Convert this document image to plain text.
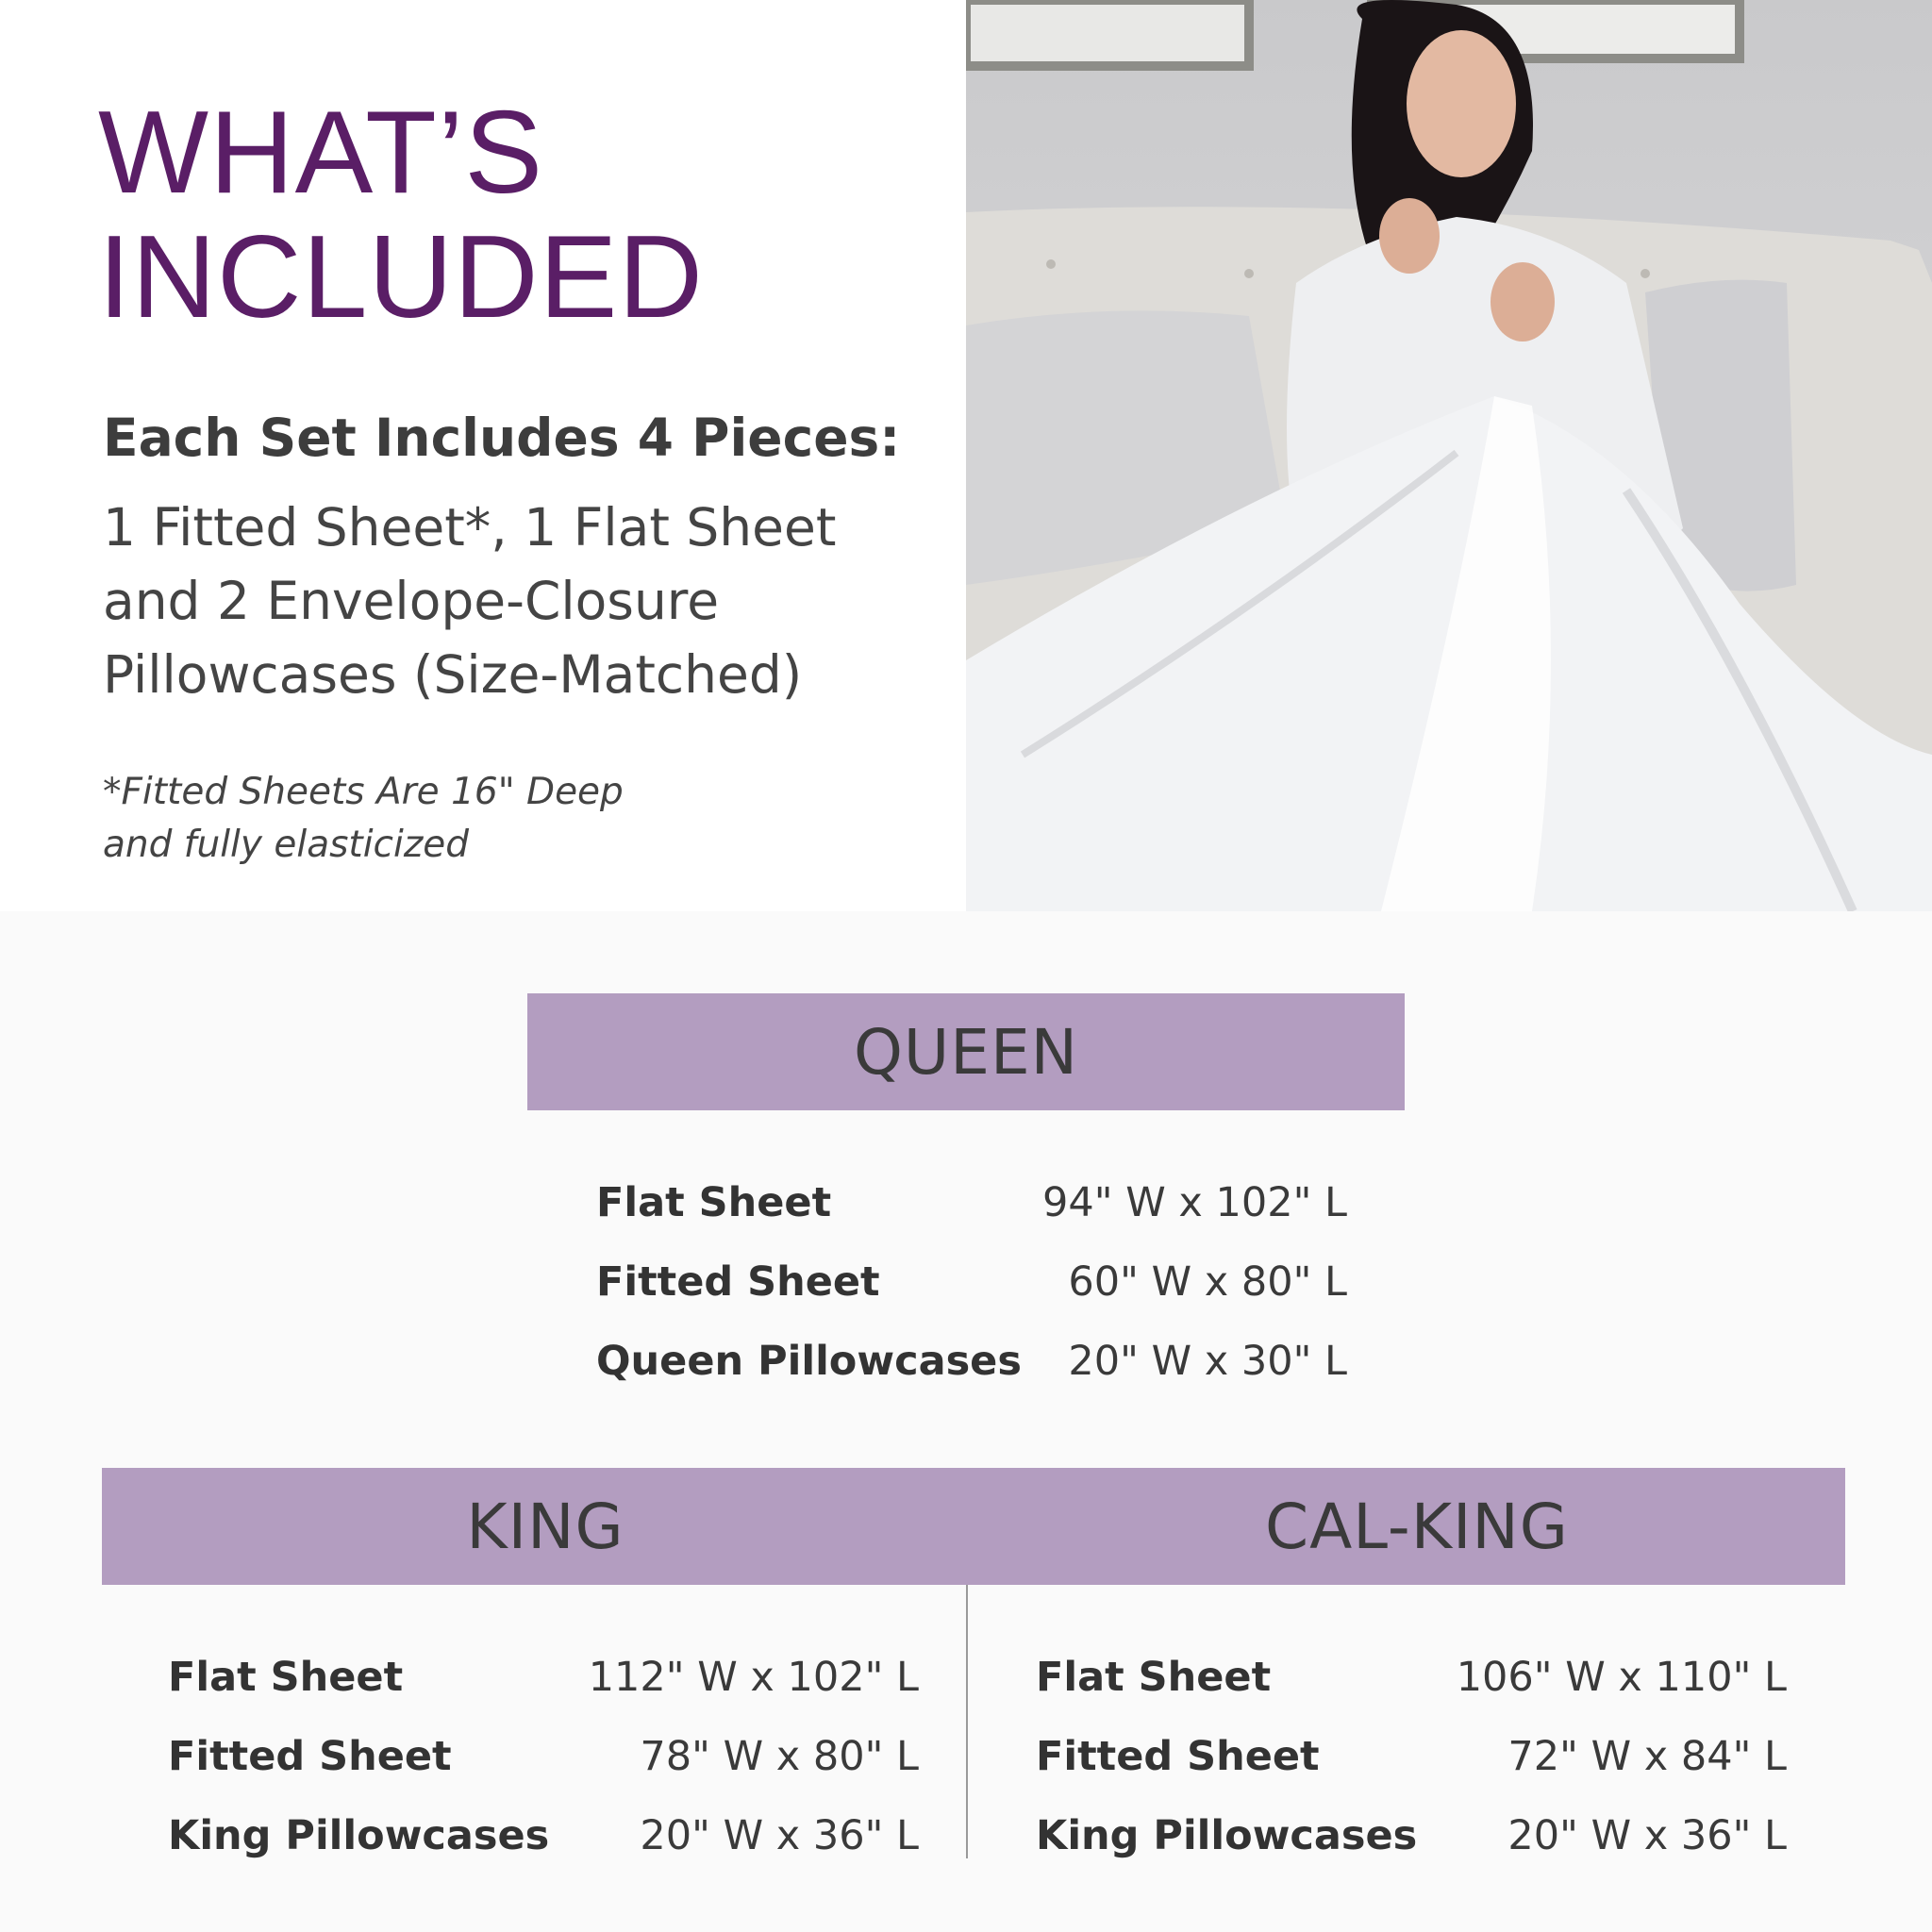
WHAT’S
INCLUDED

Each Set Includes 4 Pieces:

1 Fitted Sheet*, 1 Flat Sheet
and 2 Envelope-Closure
Pillowcases (Size-Matched)

*Fitted Sheets Are 16" Deep
and fully elasticized

QUEEN
Flat Sheet	94" W x 102" L
Fitted Sheet	60" W x 80" L
Queen Pillowcases 20" W x 30" L
KING	CAL-KING
Flat Sheet	112" W x 102" L
Fitted Sheet	78" W x 80" L
King Pillowcases 20" W x 36" L
Flat Sheet	106" W x 110" L
Fitted Sheet	72" W x 84" L
King Pillowcases 20" W x 36" L
